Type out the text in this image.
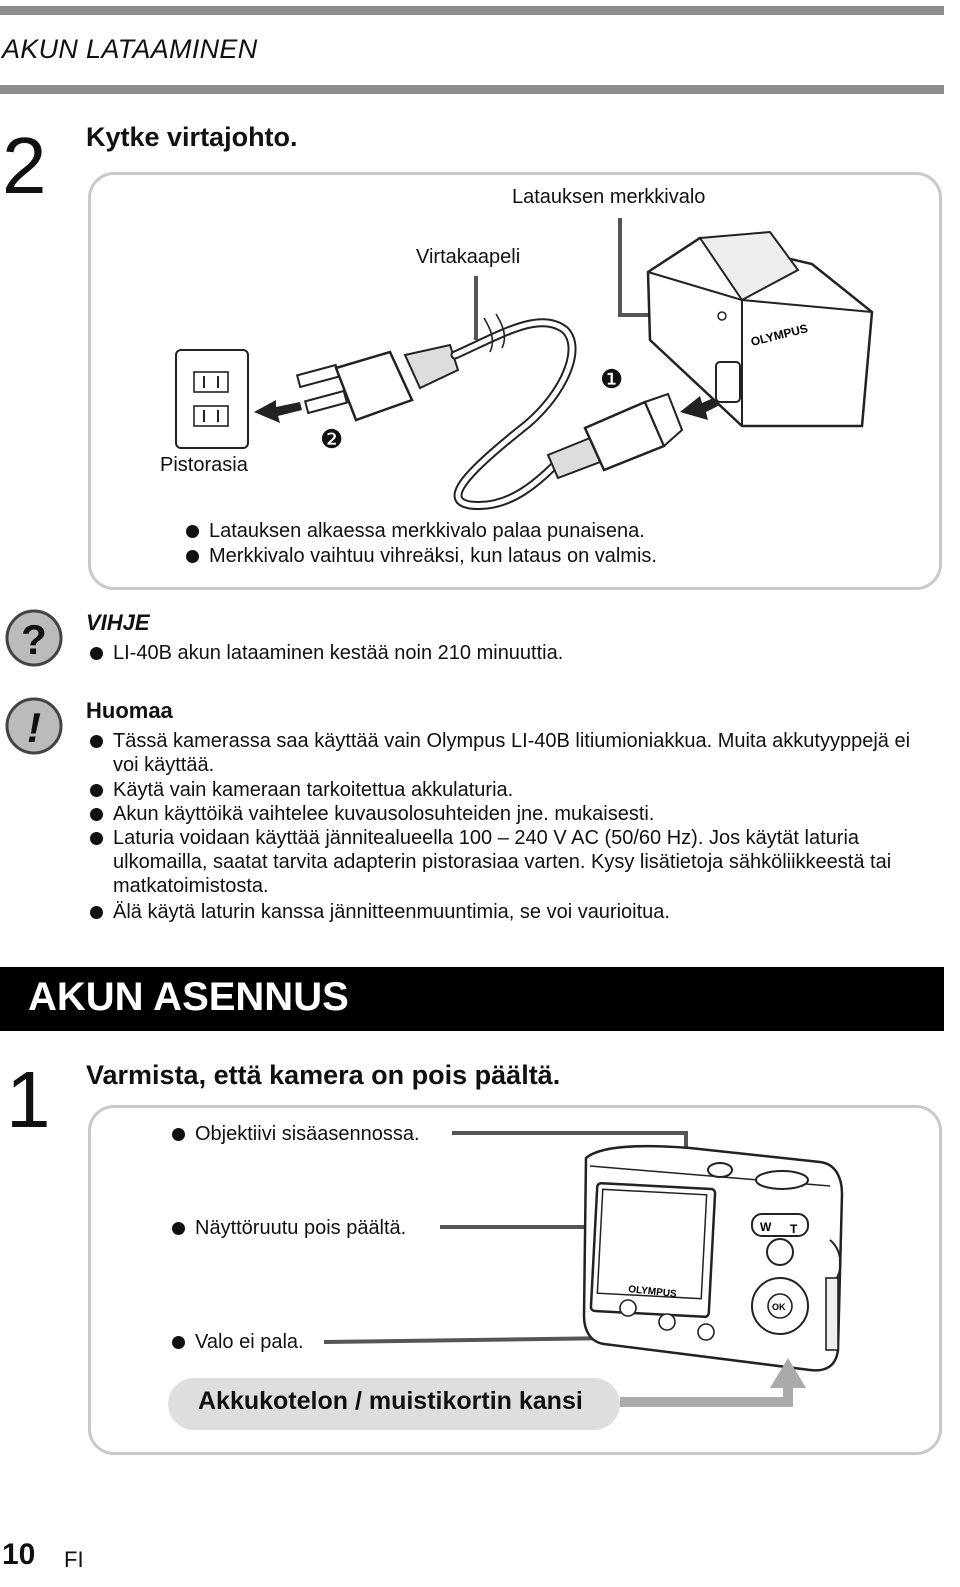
AKUN LATAAMINEN
2 Kytke virtajohto.
OLYMPUS
Latauksen merkkivalo
Virtakaapeli
Pistorasia
❶
❷
Latauksen alkaessa merkkivalo palaa punaisena.
Merkkivalo vaihtuu vihreäksi, kun lataus on valmis.
? VIHJE
LI-40B akun lataaminen kestää noin 210 minuuttia.
! Huomaa
Tässä kamerassa saa käyttää vain Olympus LI-40B litiumioniakkua. Muita akkutyyppejä ei voi käyttää.
Käytä vain kameraan tarkoitettua akkulaturia.
Akun käyttöikä vaihtelee kuvausolosuhteiden jne. mukaisesti.
Laturia voidaan käyttää jännitealueella 100 – 240 V AC (50/60 Hz). Jos käytät laturia ulkomailla, saatat tarvita adapterin pistorasiaa varten. Kysy lisätietoja sähköliikkeestä tai matkatoimistosta.
Älä käytä laturin kanssa jännitteenmuuntimia, se voi vaurioitua.
AKUN ASENNUS
1 Varmista, että kamera on pois päältä.
OLYMPUS
W T
OK
Objektiivi sisäasennossa.
Näyttöruutu pois päältä.
Valo ei pala.
Akkukotelon / muistikortin kansi
10 FI
